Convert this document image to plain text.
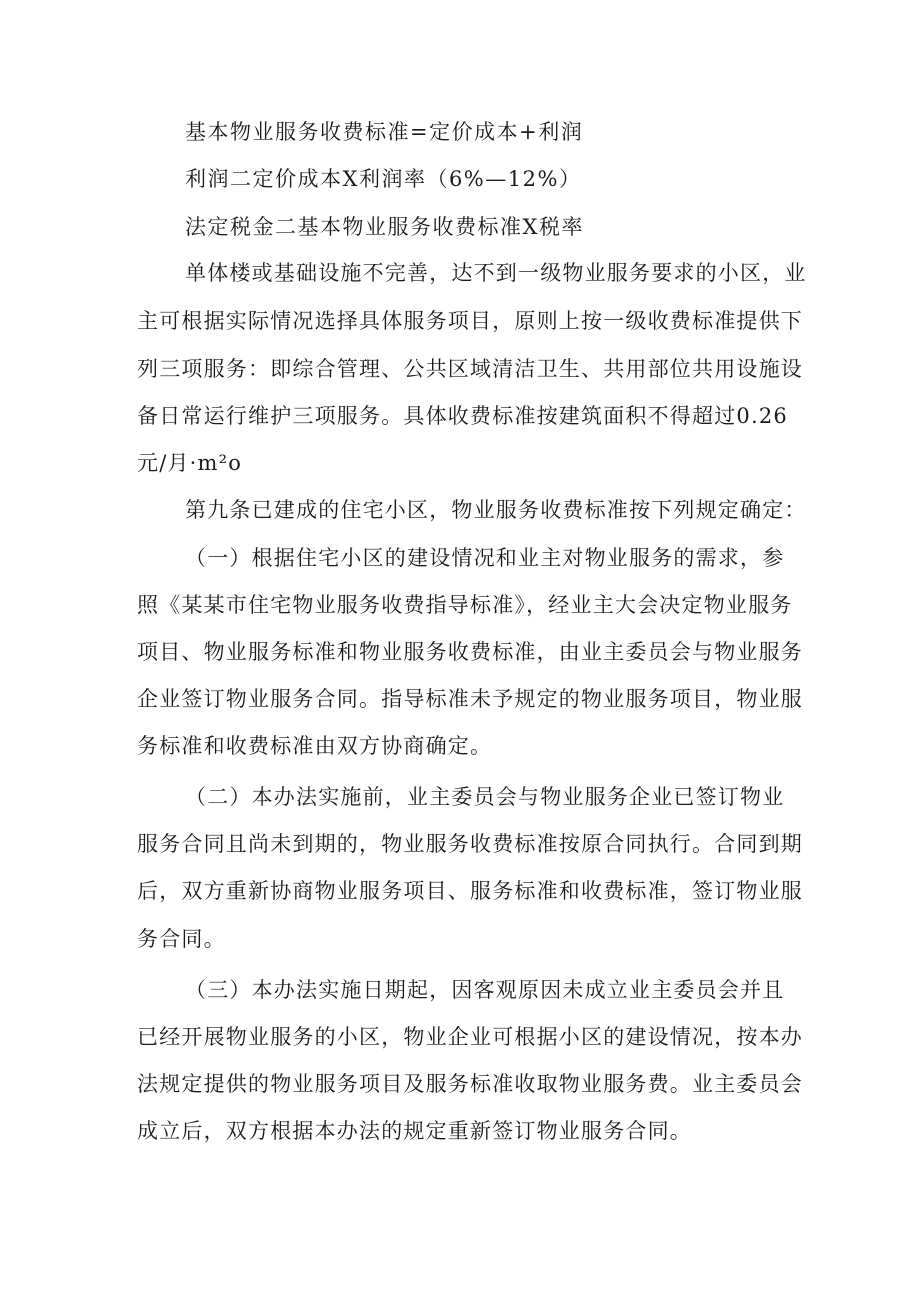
基本物业服务收费标准=定价成本+利润
利润二定价成本X利润率（6%—12%）
法定税金二基本物业服务收费标准X税率
单体楼或基础设施不完善，达不到一级物业服务要求的小区，业
主可根据实际情况选择具体服务项目，原则上按一级收费标准提供下
列三项服务：即综合管理、公共区域清洁卫生、共用部位共用设施设
备日常运行维护三项服务。具体收费标准按建筑面积不得超过0.26
元/月·m²o
第九条已建成的住宅小区，物业服务收费标准按下列规定确定：
（一）根据住宅小区的建设情况和业主对物业服务的需求，参
照《某某市住宅物业服务收费指导标准》，经业主大会决定物业服务
项目、物业服务标准和物业服务收费标准，由业主委员会与物业服务
企业签订物业服务合同。指导标准未予规定的物业服务项目，物业服
务标准和收费标准由双方协商确定。
（二）本办法实施前，业主委员会与物业服务企业已签订物业
服务合同且尚未到期的，物业服务收费标准按原合同执行。合同到期
后，双方重新协商物业服务项目、服务标准和收费标准，签订物业服
务合同。
（三）本办法实施日期起，因客观原因未成立业主委员会并且
已经开展物业服务的小区，物业企业可根据小区的建设情况，按本办
法规定提供的物业服务项目及服务标准收取物业服务费。业主委员会
成立后，双方根据本办法的规定重新签订物业服务合同。
